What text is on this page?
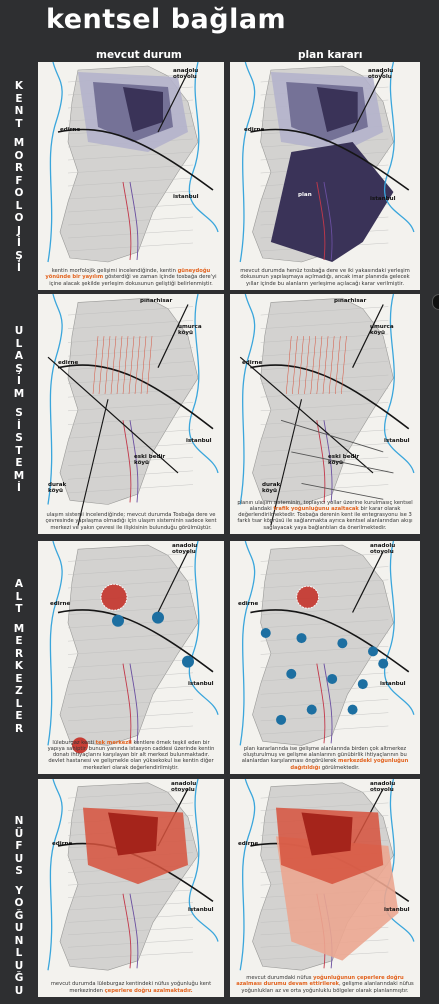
kentsel bağlam
mevcut durum	plan kararı
K
E
N
T
M
O
R
F
O
L
O
J
İ
Ş
İ
U
L
A
Ş
I
M
S
İ
S
T
E
M
İ
A
L
T
M
E
R
K
E
Z
L
E
R
N
Ü
F
U
S
Y
O
Ğ
U
N
L
U
Ğ
U
anadolu
otoyolu
edirne
istanbul
kentin morfolojik gelişimi incelendiğinde, kentin güneydoğu yönünde bir yayılım gösterdiği ve zaman içinde tosbağa dere'yi içine alacak şekilde yerleşim dokusunun geliştiği belirlenmiştir.
anadolu
otoyolu
edirne
istanbul
plan
mevcut durumda henüz tosbağa dere ve iki yakasındaki yerleşim dokusunun yapılaşmaya açılmadığı, ancak imar planında gelecek yıllar içinde bu alanların yerleşime açılacağı karar verilmiştir.
pınarhisar
umurca
köyü
edirne
istanbul
eski bedir
köyü
durak
köyü
ulaşım sistemi incelendiğinde; mevcut durumda Tosbağa dere ve çevresinde yapılaşma olmadığı için ulaşım sisteminin sadece kent merkezi ve yakın çevresi ile ilişkisinin bulunduğu görülmüştür.
pınarhisar
umurca
köyü
edirne
istanbul
eski bedir
köyü
durak
köyü
planın ulaşım sisteminin, toplayıcı yollar üzerine kurulmasıç kentsel alandaki trafik yoğunluğunu azaltacak bir karar olarak değerlendirilmektedir. Tosbağa derenin kent ile entegrasyonu ise 3 farklı tsar köprüsü ile sağlanmakta ayrıca kentsel alanlarından akışı sağlayacak yaya bağlantıları da önerilmektedir.
anadolu
otoyolu
edirne
istanbul
lüleburgaz kenti tek merkezli kentlere örnek teşkil eden bir yapıya sahiptir. bunun yanında istasyon caddesi üzerinde kentin donatı ihtiyaçlarını karşılayan bir alt merkezi bulunmaktadır. devlet hastanesi ve gelişmekle olan yüksekokul ise kentin diğer merkezleri olarak değerlendirilmiştir.
anadolu
otoyolu
edirne
istanbul
plan kararlarında ise gelişme alanlarında birden çok altmerkez oluşturulmuş ve gelişme alanlarının günübirlik ihtiyaçlarının bu alanlardan karşılanması öngörülerek merkezdeki yoğunluğun dağıtıldığı görülmektedir.
anadolu
otoyolu
edirne
istanbul
mevcut durumda lüleburgaz kentindeki nüfus yoğunluğu kent merkezinden çeperlere doğru azalmaktadır.
anadolu
otoyolu
edirne
istanbul
mevcut durumdaki nüfus yoğunluğunun çeperlere doğru azalması durumu devam ettirilerek, gelişme alanlarındaki nüfus yoğunlukları az ve orta yoğunluklu bölgeler olarak planlanmıştır.
